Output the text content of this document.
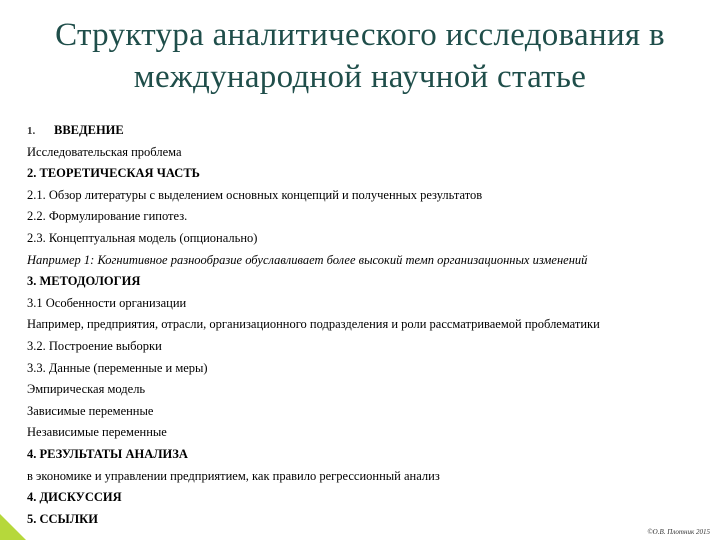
Структура аналитического исследования в
международной научной статье
1. ВВЕДЕНИЕ
Исследовательская проблема
2. ТЕОРЕТИЧЕСКАЯ ЧАСТЬ
2.1. Обзор литературы с выделением основных концепций и полученных результатов
2.2. Формулирование гипотез.
2.3. Концептуальная модель (опционально)
Например 1: Когнитивное разнообразие обуславливает более высокий темп организационных изменений
3. МЕТОДОЛОГИЯ
3.1 Особенности организации
Например, предприятия, отрасли, организационного подразделения и роли рассматриваемой проблематики
3.2. Построение выборки
3.3. Данные (переменные и меры)
Эмпирическая модель
Зависимые переменные
Независимые переменные
4. РЕЗУЛЬТАТЫ АНАЛИЗА
в экономике и управлении предприятием, как правило регрессионный анализ
4. ДИСКУССИЯ
5. ССЫЛКИ
©О.В. Плотник 2015
